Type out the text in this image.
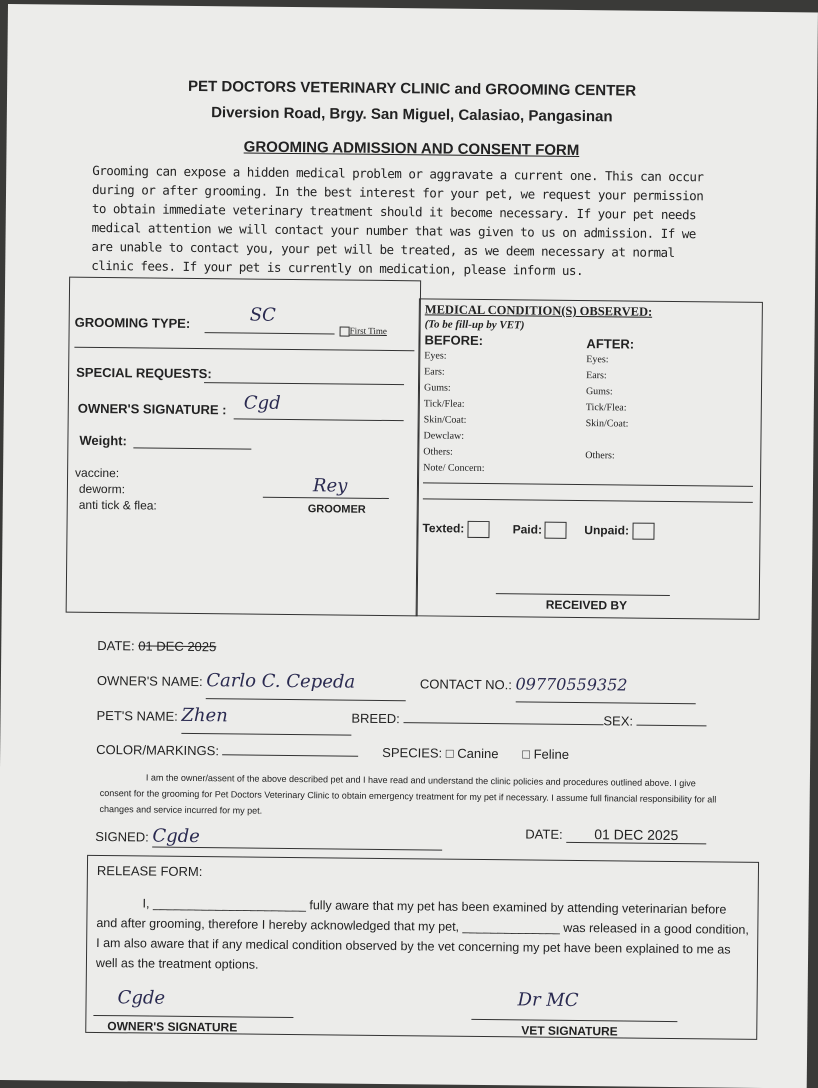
PET DOCTORS VETERINARY CLINIC and GROOMING CENTER
Diversion Road, Brgy. San Miguel, Calasiao, Pangasinan
GROOMING ADMISSION AND CONSENT FORM
Grooming can expose a hidden medical problem or aggravate a current one. This can occur during or after grooming. In the best interest for your pet, we request your permission to obtain immediate veterinary treatment should it become necessary. If your pet needs medical attention we will contact your number that was given to us on admission. If we are unable to contact you, your pet will be treated, as we deem necessary at normal clinic fees. If your pet is currently on medication, please inform us.
GROOMING TYPE:	SC
First Time
SPECIAL REQUESTS:
OWNER'S SIGNATURE : Cgd
Weight:
vaccine:
deworm:
anti tick & flea:
Rey
GROOMER
MEDICAL CONDITION(S) OBSERVED:
(To be fill-up by VET)
BEFORE:	AFTER:
Eyes:
Ears:
Gums:
Tick/Flea:
Skin/Coat:
Dewclaw:
Others:
Note/ Concern:
Eyes:
Ears:
Gums:
Tick/Flea:
Skin/Coat:

Others:
Texted:	Paid:	Unpaid:
RECEIVED BY
DATE: 01 DEC 2025
OWNER'S NAME: Carlo C. Cepeda	CONTACT NO.: 09770559352
PET'S NAME: Zhen	BREED:	SEX:
COLOR/MARKINGS:	SPECIES: □ Canine □ Feline
I am the owner/assent of the above described pet and I have read and understand the clinic policies and procedures outlined above. I give consent for the grooming for Pet Doctors Veterinary Clinic to obtain emergency treatment for my pet if necessary. I assume full financial responsibility for all changes and service incurred for my pet.
SIGNED: Cgde	DATE: 01 DEC 2025
RELEASE FORM:
I, ______________________ fully aware that my pet has been examined by attending veterinarian before and after grooming, therefore I hereby acknowledged that my pet, ______________ was released in a good condition, I am also aware that if any medical condition observed by the vet concerning my pet have been explained to me as well as the treatment options.
Cgde
OWNER'S SIGNATURE
Dr MC
VET SIGNATURE
